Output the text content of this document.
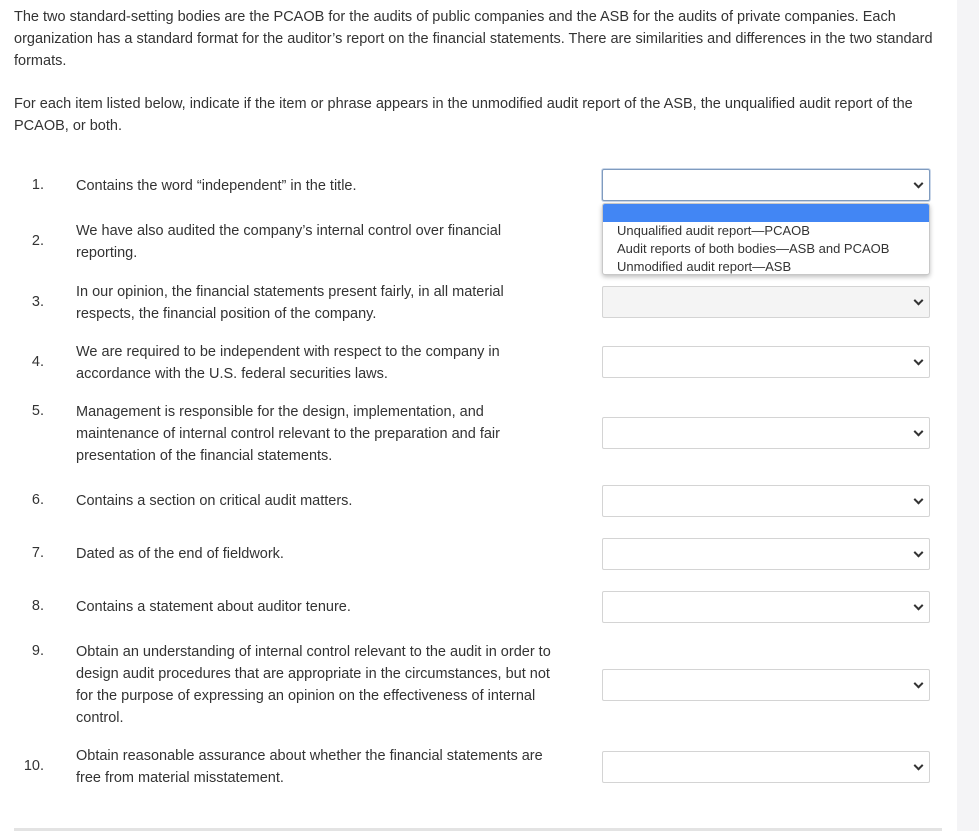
The two standard-setting bodies are the PCAOB for the audits of public companies and the ASB for the audits of private companies. Each organization has a standard format for the auditor’s report on the financial statements. There are similarities and differences in the two standard formats.

For each item listed below, indicate if the item or phrase appears in the unmodified audit report of the ASB, the unqualified audit report of the PCAOB, or both.

1. Contains the word “independent” in the title.
2.
We have also audited the company’s internal control over financial reporting.
Unqualified audit report—PCAOB
Audit reports of both bodies—ASB and PCAOB
Unmodified audit report—ASB
3.
In our opinion, the financial statements present fairly, in all material respects, the financial position of the company.
4.
We are required to be independent with respect to the company in accordance with the U.S. federal securities laws.
5. Management is responsible for the design, implementation, and maintenance of internal control relevant to the preparation and fair presentation of the financial statements.
6. Contains a section on critical audit matters.
7. Dated as of the end of fieldwork.
8. Contains a statement about auditor tenure.
9. Obtain an understanding of internal control relevant to the audit in order to design audit procedures that are appropriate in the circumstances, but not for the purpose of expressing an opinion on the effectiveness of internal control.
10.
Obtain reasonable assurance about whether the financial statements are free from material misstatement.
